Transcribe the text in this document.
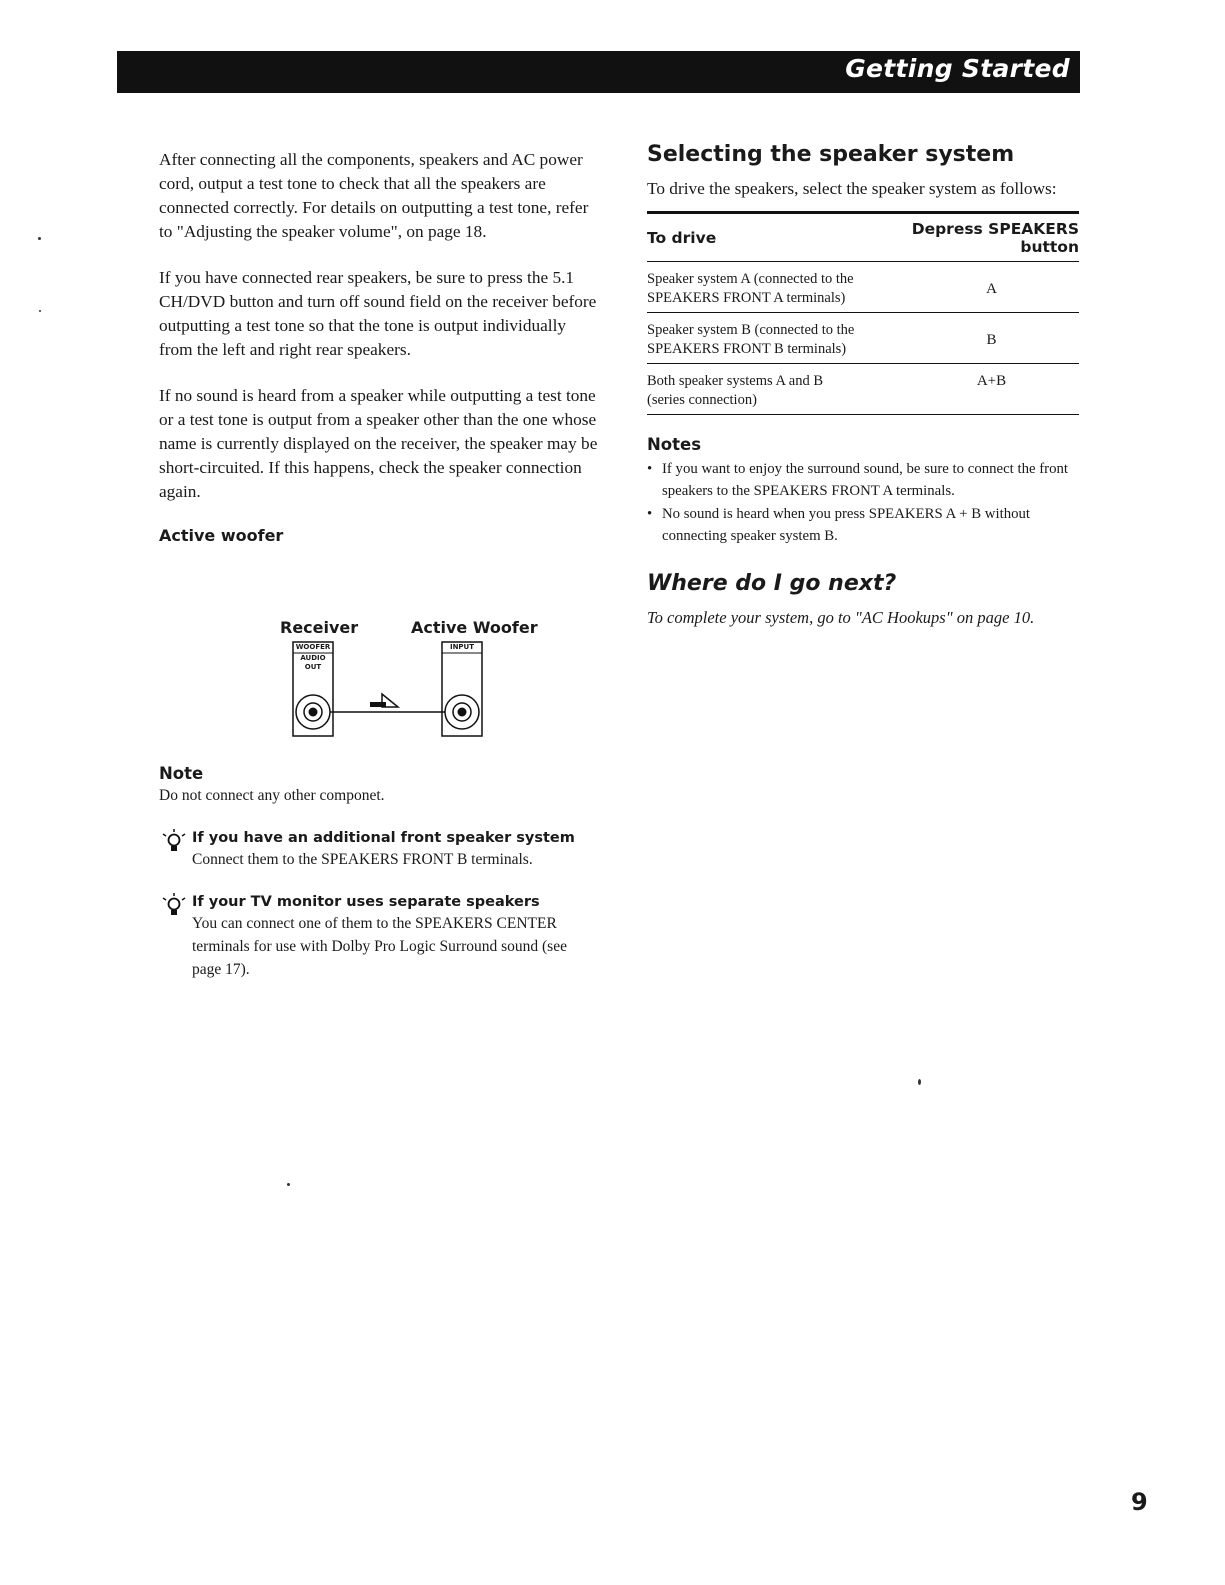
Getting Started

After connecting all the components, speakers and AC power cord, output a test tone to check that all the speakers are connected correctly. For details on outputting a test tone, refer to "Adjusting the speaker volume", on page 18.

If you have connected rear speakers, be sure to press the 5.1 CH/DVD button and turn off sound field on the receiver before outputting a test tone so that the tone is output individually from the left and right rear speakers.

If no sound is heard from a speaker while outputting a test tone or a test tone is output from a speaker other than the one whose name is currently displayed on the receiver, the speaker may be short-circuited. If this happens, check the speaker connection again.

Active woofer
Receiver	Active Woofer
WOOFER
AUDIO OUT
INPUT
Note

Do not connect any other componet.

If you have an additional front speaker system
Connect them to the SPEAKERS FRONT B terminals.
If your TV monitor uses separate speakers
You can connect one of them to the SPEAKERS CENTER terminals for use with Dolby Pro Logic Surround sound (see page 17).
Selecting the speaker system

To drive the speakers, select the speaker system as follows:

To drive	Depress SPEAKERS button
Speaker system A (connected to the SPEAKERS FRONT A terminals)	A
Speaker system B (connected to the SPEAKERS FRONT B terminals)	B
Both speaker systems A and B (series connection)	A+B
Notes
• If you want to enjoy the surround sound, be sure to connect the front speakers to the SPEAKERS FRONT A terminals.
• No sound is heard when you press SPEAKERS A + B without connecting speaker system B.
Where do I go next?

To complete your system, go to "AC Hookups" on page 10.

9
